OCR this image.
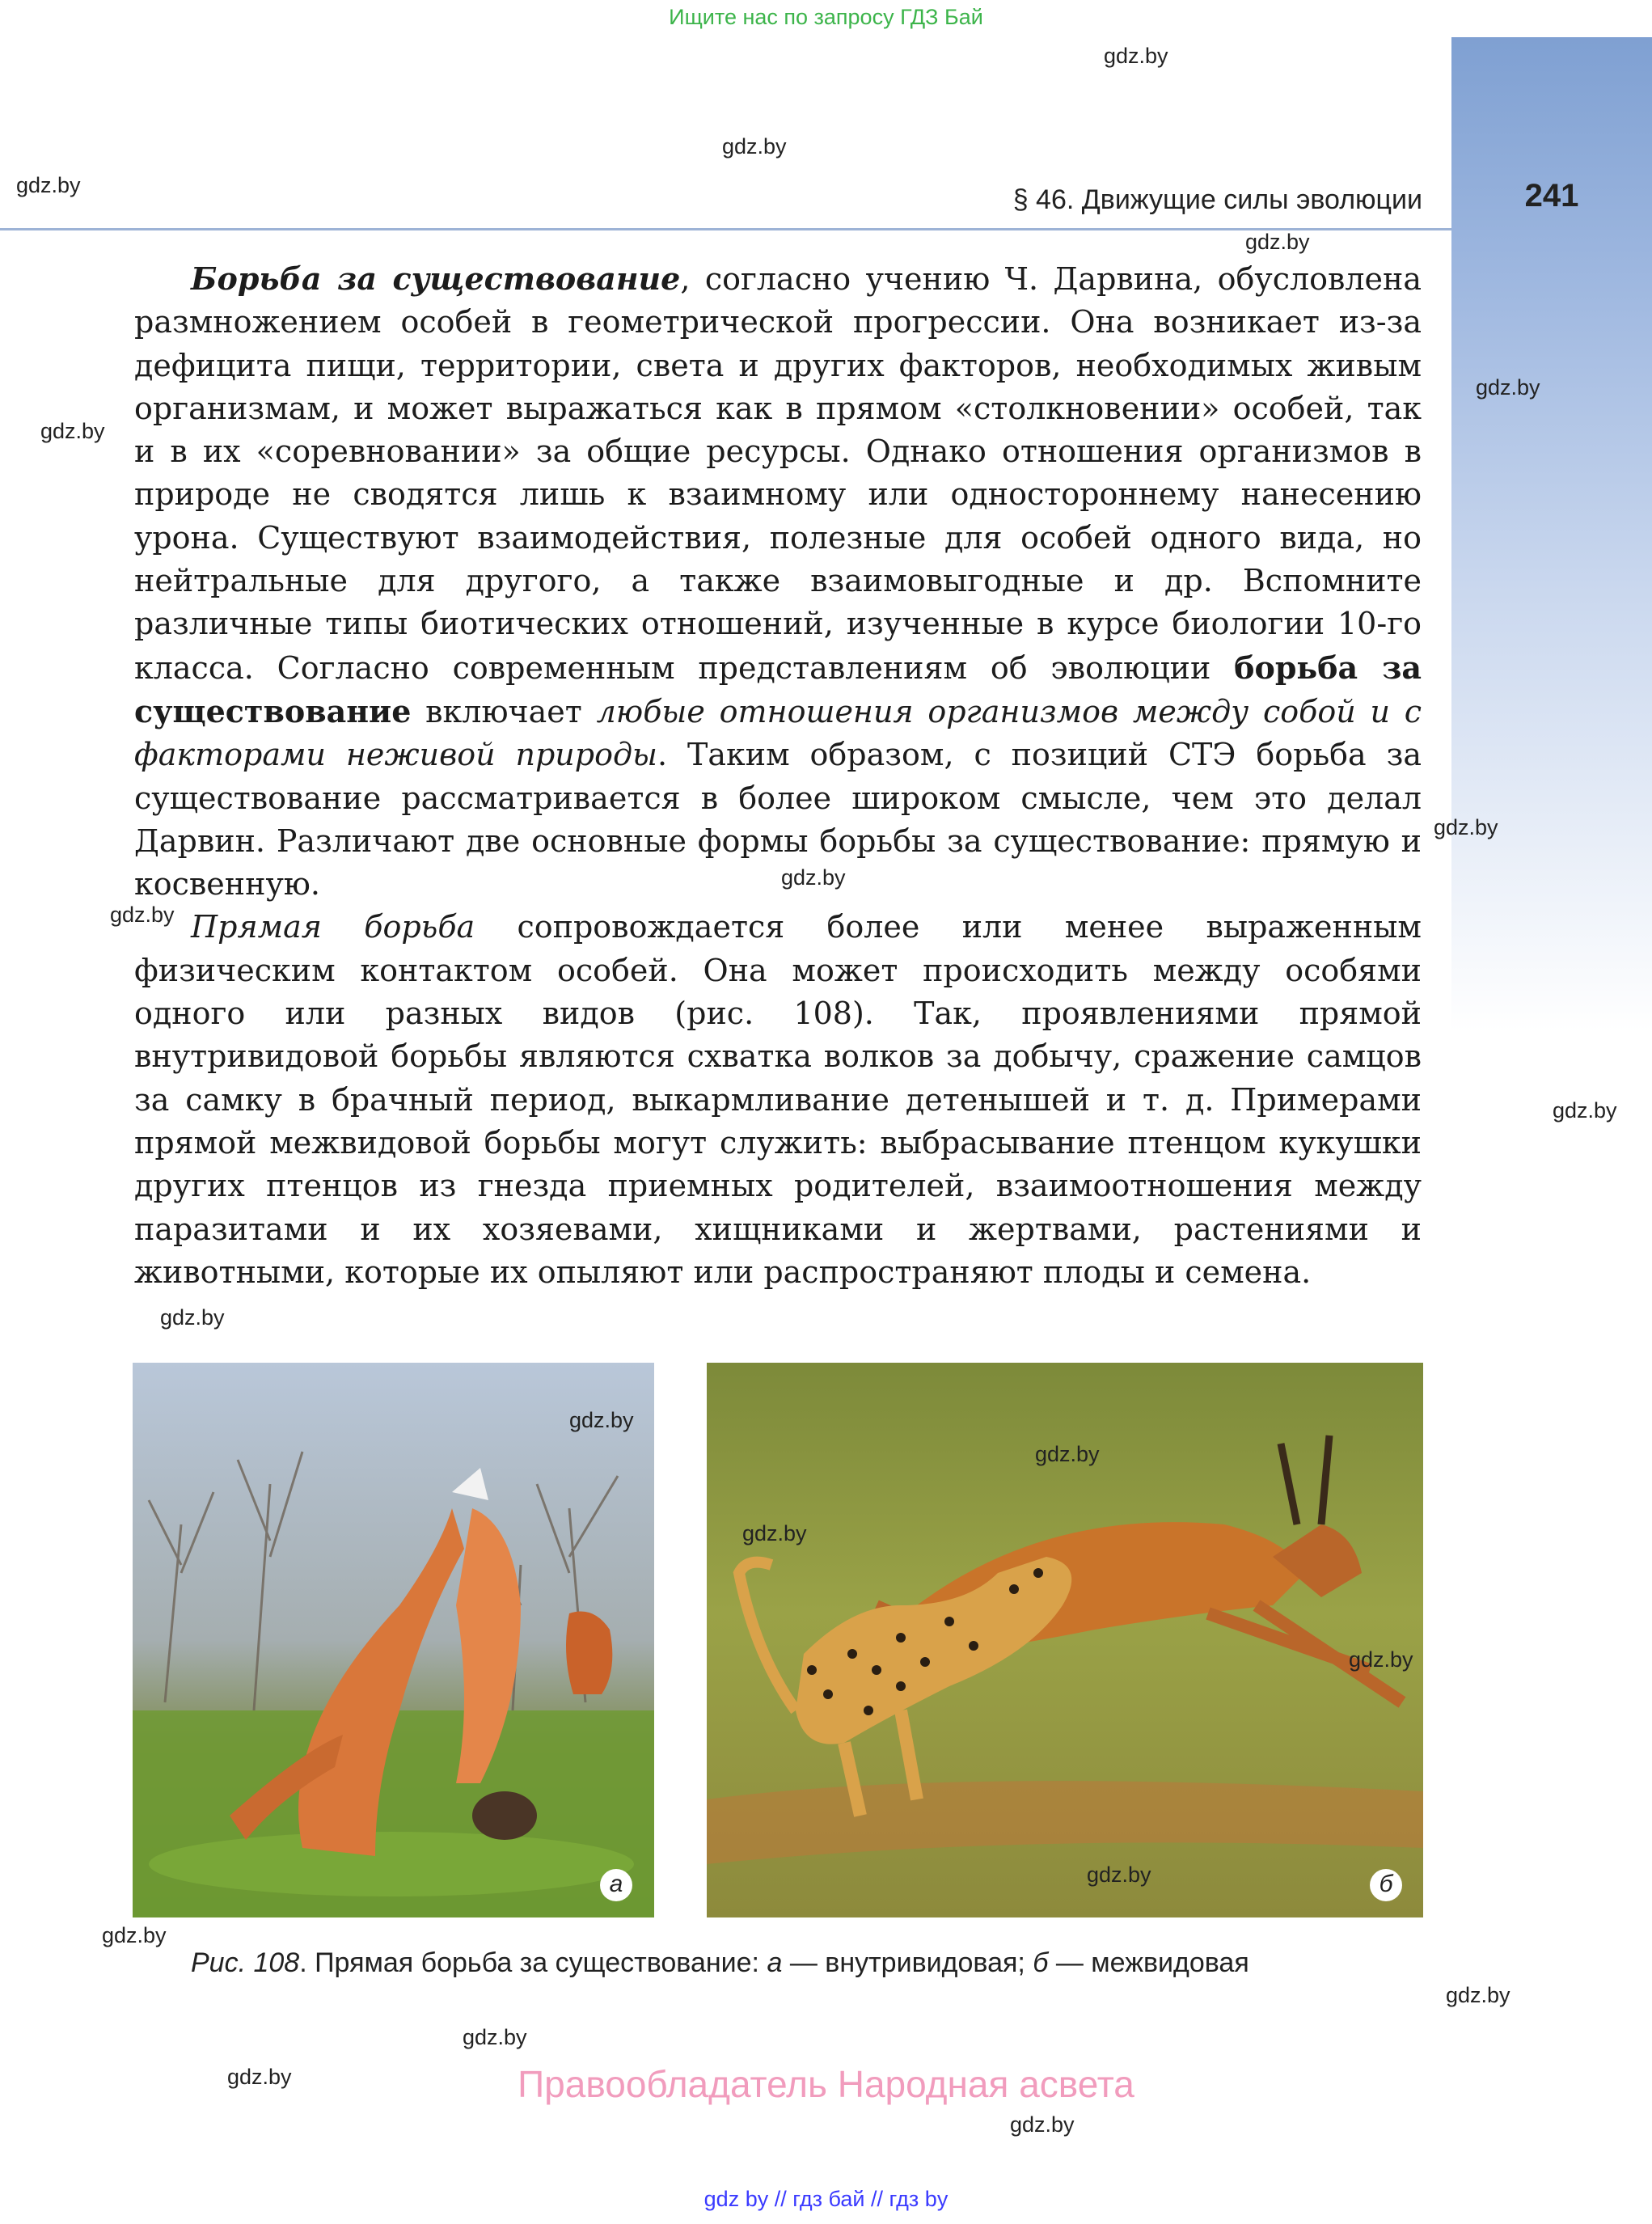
Ищите нас по запросу ГДЗ Бай
241
§ 46. Движущие силы эволюции
gdz.by
gdz.by
gdz.by
gdz.by
gdz.by
gdz.by
gdz.by
gdz.by
gdz.by
gdz.by
gdz.by
gdz.by
gdz.by
gdz.by
gdz.by
gdz.by

Борьба за существование, согласно учению Ч. Дарвина, обусловлена размножением особей в геометрической прогрессии. Она возникает из-за дефицита пищи, территории, света и других факторов, необходимых живым организмам, и может выражаться как в прямом «столкновении» особей, так и в их «соревновании» за общие ресурсы. Однако отношения организмов в природе не сводятся лишь к взаимному или одностороннему нанесению урона. Существуют взаимодействия, полезные для особей одного вида, но нейтральные для другого, а также взаимовыгодные и др. Вспомните различные типы биотических отношений, изученные в курсе биологии 10-го класса. Согласно современным представлениям об эволюции борьба за существование включает любые отношения организмов между собой и с факторами неживой природы. Таким образом, с позиций СТЭ борьба за существование рассматривается в более широком смысле, чем это делал Дарвин. Различают две основные формы борьбы за существование: прямую и косвенную.

Прямая борьба сопровождается более или менее выраженным физическим контактом особей. Она может происходить между особями одного или разных видов (рис. 108). Так, проявлениями прямой внутривидовой борьбы являются схватка волков за добычу, сражение самцов за самку в брачный период, выкармливание детенышей и т. д. Примерами прямой межвидовой борьбы могут служить: выбрасывание птенцом кукушки других птенцов из гнезда приемных родителей, взаимоотношения между паразитами и их хозяевами, хищниками и жертвами, растениями и животными, которые их опыляют или распространяют плоды и семена.

а
gdz.by
б
gdz.by
gdz.by
gdz.by
gdz.by
Рис. 108. Прямая борьба за существование: а — внутривидовая; б — межвидовая
Правообладатель Народная асвета
gdz by // гдз бай // гдз by
